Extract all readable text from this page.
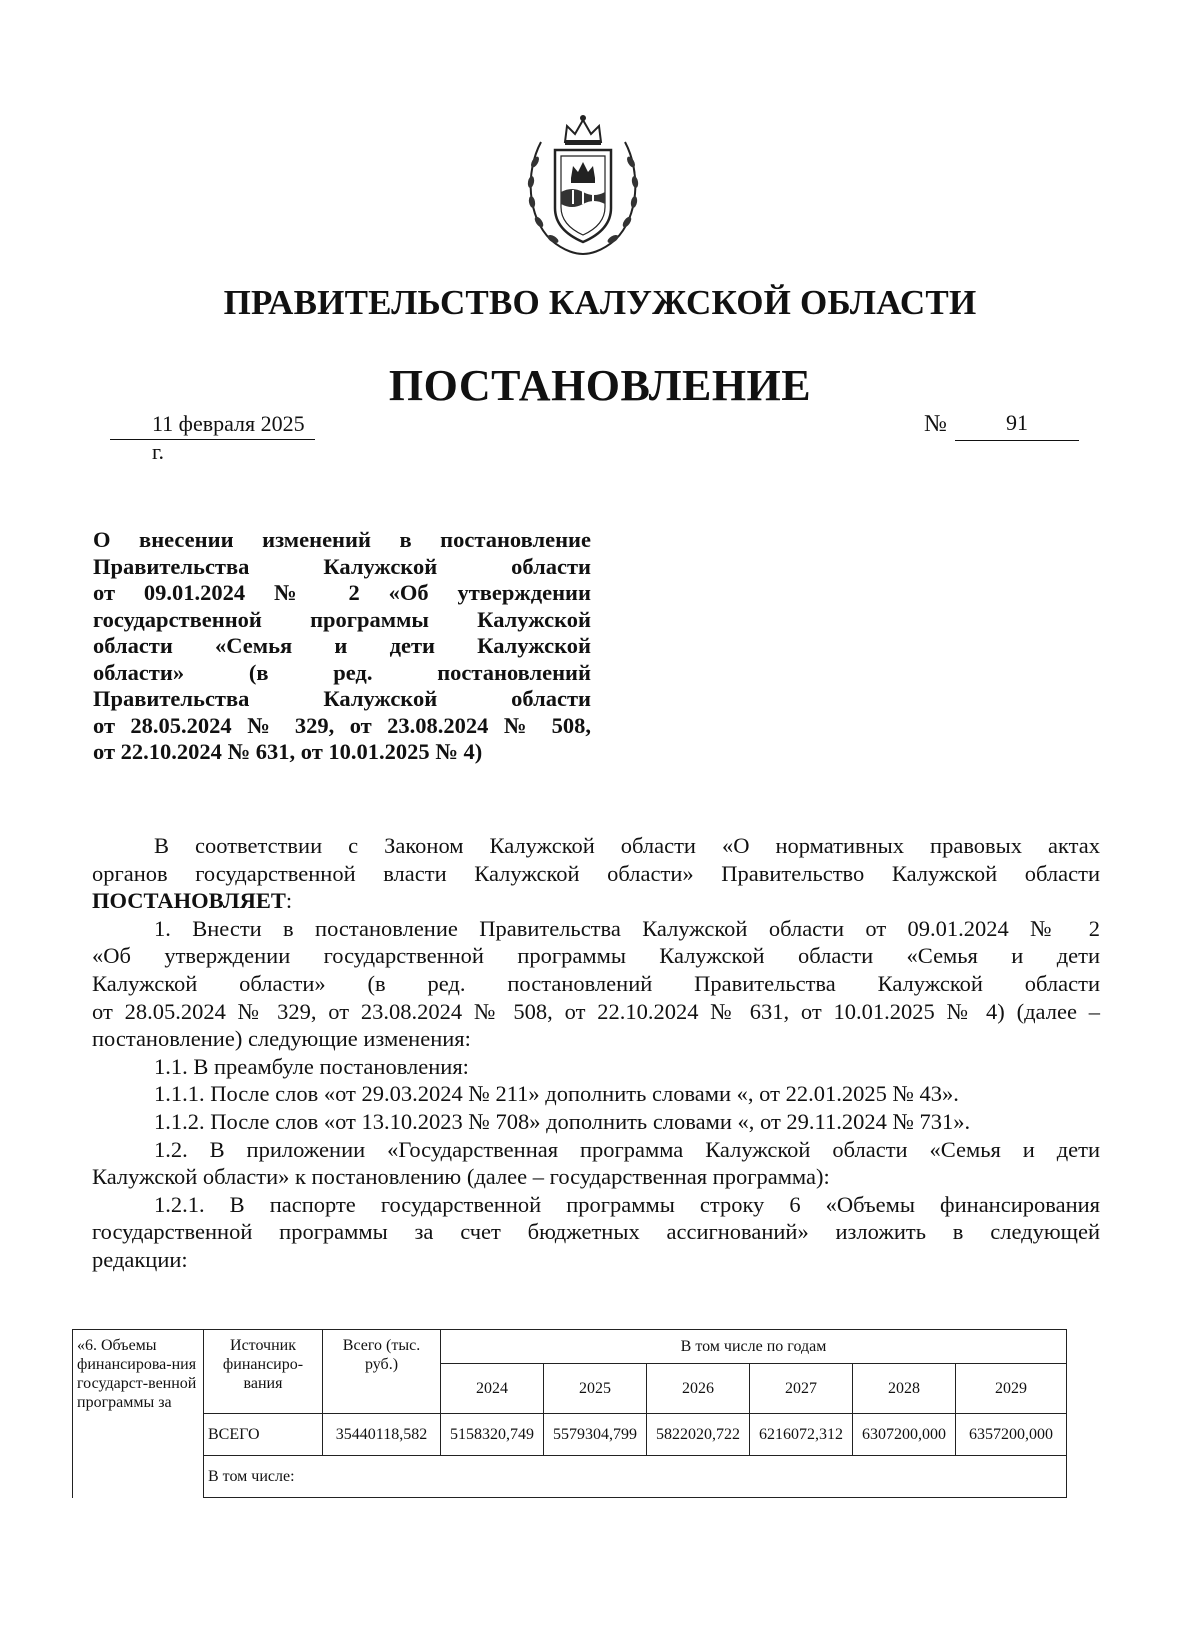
ПРАВИТЕЛЬСТВО КАЛУЖСКОЙ ОБЛАСТИ
ПОСТАНОВЛЕНИЕ
11 февраля 2025 г.
№	91
О внесении изменений в постановление
Правительства Калужской области
от 09.01.2024 № 2 «Об утверждении
государственной программы Калужской
области «Семья и дети Калужской
области» (в ред. постановлений
Правительства Калужской области
от 28.05.2024 № 329, от 23.08.2024 № 508,
от 22.10.2024 № 631, от 10.01.2025 № 4)

В соответствии с Законом Калужской области «О нормативных правовых актах

органов государственной власти Калужской области» Правительство Калужской области

ПОСТАНОВЛЯЕТ:

1. Внести в постановление Правительства Калужской области от 09.01.2024 № 2

«Об утверждении государственной программы Калужской области «Семья и дети

Калужской области» (в ред. постановлений Правительства Калужской области

от 28.05.2024 № 329, от 23.08.2024 № 508, от 22.10.2024 № 631, от 10.01.2025 № 4) (далее –

постановление) следующие изменения:

1.1. В преамбуле постановления:

1.1.1. После слов «от 29.03.2024 № 211» дополнить словами «, от 22.01.2025 № 43».

1.1.2. После слов «от 13.10.2023 № 708» дополнить словами «, от 29.11.2024 № 731».

1.2. В приложении «Государственная программа Калужской области «Семья и дети

Калужской области» к постановлению (далее – государственная программа):

1.2.1. В паспорте государственной программы строку 6 «Объемы финансирования

государственной программы за счет бюджетных ассигнований» изложить в следующей

редакции:

«6. Объемы финансирова-ния государст-венной программы за	Источник финансиро-вания	Всего (тыс. руб.)	В том числе по годам					
			2024	2025	2026	2027	2028	2029
	ВСЕГО	35440118,582	5158320,749	5579304,799	5822020,722	6216072,312	6307200,000	6357200,000
	В том числе:							
